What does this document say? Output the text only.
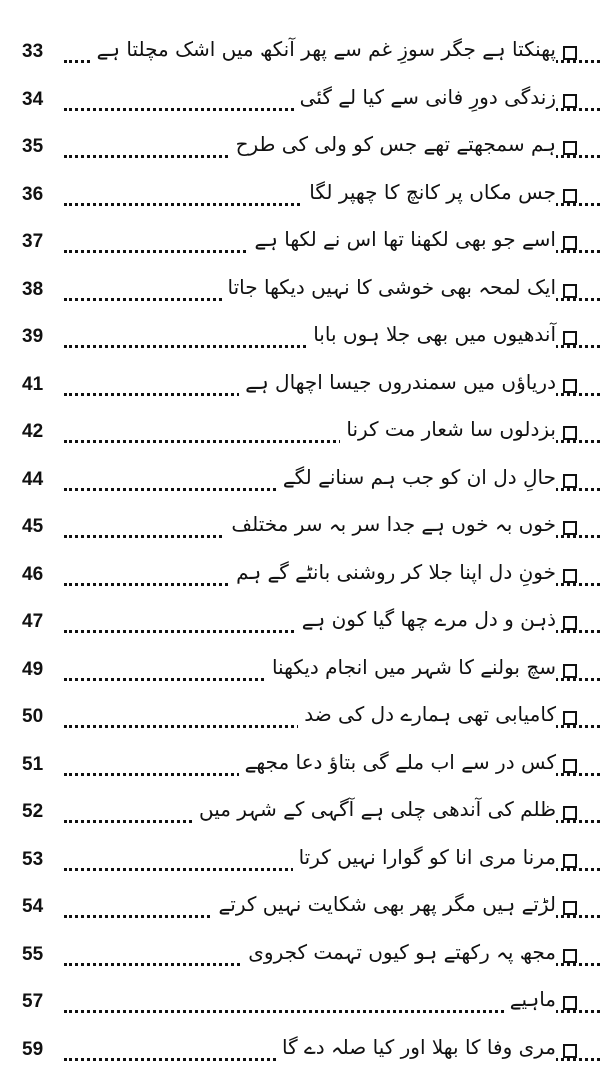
33	پھنکتا ہے جگر سوزِ غم سے پھر آنکھ میں اشک مچلتا ہے
34	زندگی دورِ فانی سے کیا لے گئی
35	ہم سمجھتے تھے جس کو ولی کی طرح
36	جس مکاں پر کانچ کا چھپر لگا
37	اسے جو بھی لکھنا تھا اس نے لکھا ہے
38	ایک لمحہ بھی خوشی کا نہیں دیکھا جاتا
39	آندھیوں میں بھی جلا ہوں بابا
41	دریاؤں میں سمندروں جیسا اچھال ہے
42	بزدلوں سا شعار مت کرنا
44	حالِ دل ان کو جب ہم سنانے لگے
45	خوں بہ خوں ہے جدا سر بہ سر مختلف
46	خونِ دل اپنا جلا کر روشنی بانٹے گے ہم
47	ذہن و دل مرے چھا گیا کون ہے
49	سچ بولنے کا شہر میں انجام دیکھنا
50	کامیابی تھی ہمارے دل کی ضد
51	کس در سے اب ملے گی بتاؤ دعا مجھے
52	ظلم کی آندھی چلی ہے آگہی کے شہر میں
53	مرنا مری انا کو گوارا نہیں کرتا
54	لڑتے ہیں مگر پھر بھی شکایت نہیں کرتے
55	مجھ پہ رکھتے ہو کیوں تہمت کجروی
57	ماہیے
59	مری وفا کا بھلا اور کیا صلہ دے گا
